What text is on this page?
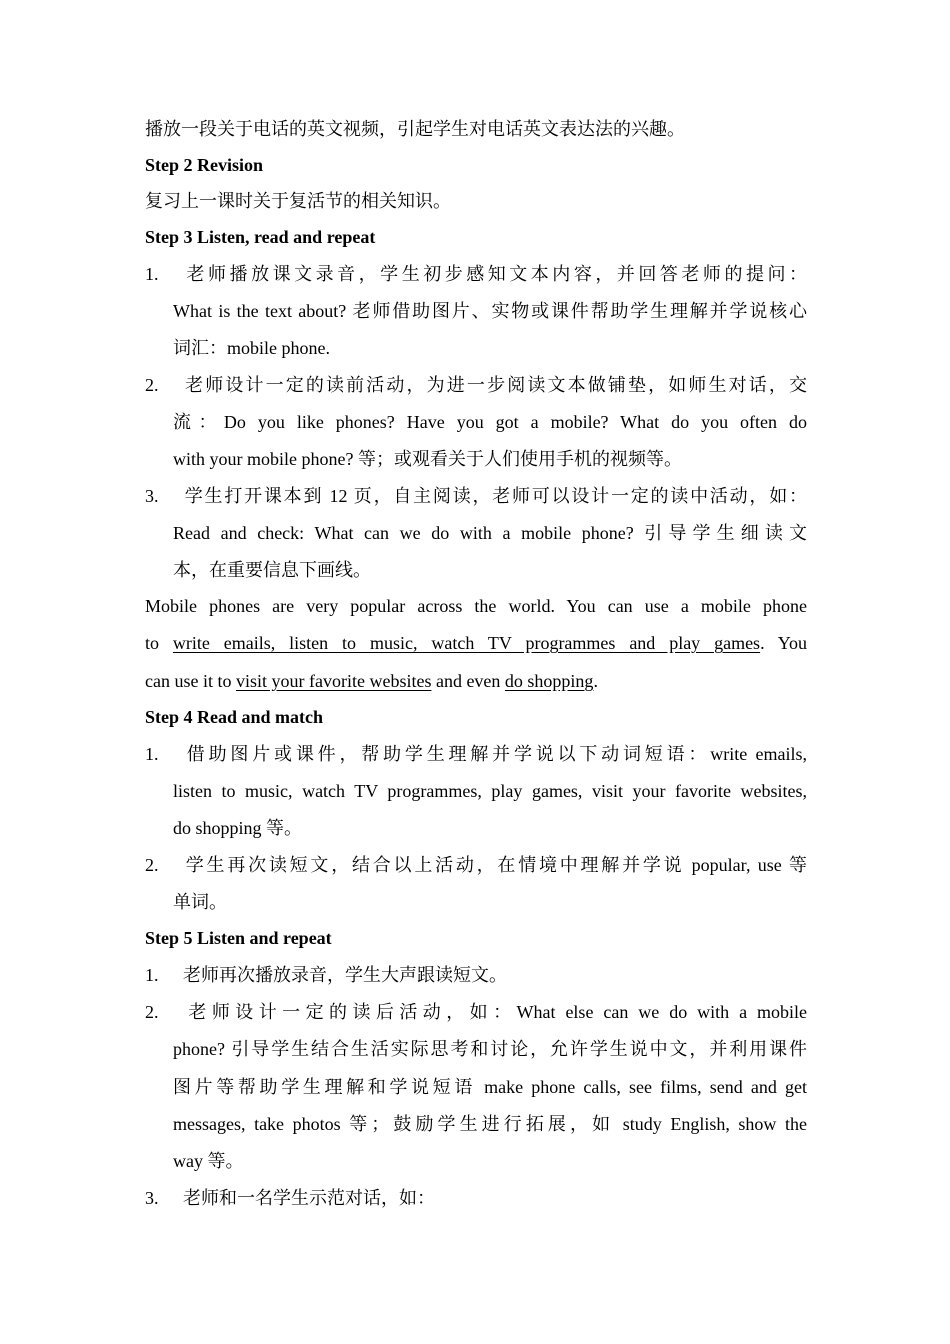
播放一段关于电话的英文视频，引起学生对电话英文表达法的兴趣。
Step 2 Revision
复习上一课时关于复活节的相关知识。
Step 3 Listen, read and repeat
1. 老师播放课文录音，学生初步感知文本内容，并回答老师的提问：
What is the text about? 老师借助图片、实物或课件帮助学生理解并学说核心
词汇：mobile phone.
2. 老师设计一定的读前活动，为进一步阅读文本做铺垫，如师生对话，交
流：Do you like phones? Have you got a mobile? What do you often do
with your mobile phone? 等；或观看关于人们使用手机的视频等。
3. 学生打开课本到 12 页，自主阅读，老师可以设计一定的读中活动，如：
Read and check: What can we do with a mobile phone? 引导学生细读文
本，在重要信息下画线。
Mobile phones are very popular across the world. You can use a mobile phone
to write emails, listen to music, watch TV programmes and play games. You
can use it to visit your favorite websites and even do shopping.
Step 4 Read and match
1. 借助图片或课件，帮助学生理解并学说以下动词短语：write emails,
listen to music, watch TV programmes, play games, visit your favorite websites,
do shopping 等。
2. 学生再次读短文，结合以上活动，在情境中理解并学说 popular, use 等
单词。
Step 5 Listen and repeat
1. 老师再次播放录音，学生大声跟读短文。
2. 老师设计一定的读后活动，如：What else can we do with a mobile
phone? 引导学生结合生活实际思考和讨论，允许学生说中文，并利用课件
图片等帮助学生理解和学说短语 make phone calls, see films, send and get
messages, take photos 等；鼓励学生进行拓展，如 study English, show the
way 等。
3. 老师和一名学生示范对话，如：
